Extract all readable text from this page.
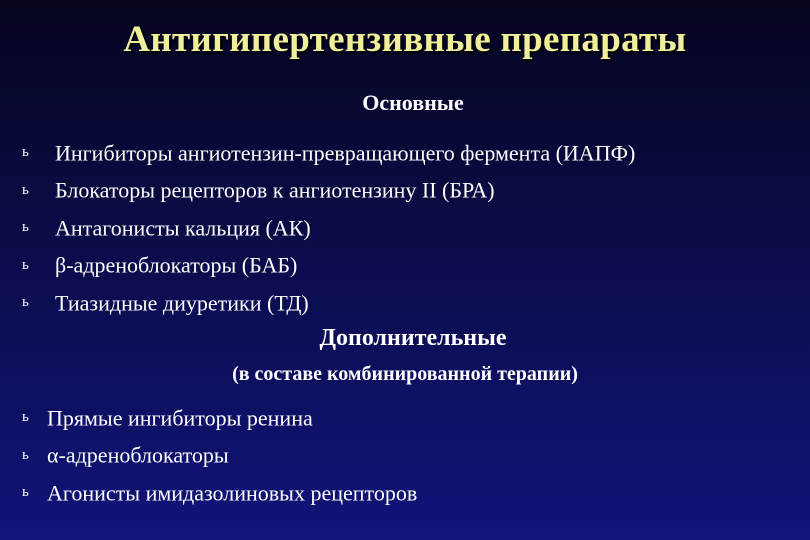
Антигипертензивные препараты
Основные
ь Ингибиторы ангиотензин-превращающего фермента (ИАПФ)
ь Блокаторы рецепторов к ангиотензину II (БРА)
ь Антагонисты кальция (АК)
ь β-адреноблокаторы (БАБ)
ь Тиазидные диуретики (ТД)
Дополнительные
(в составе комбинированной терапии)
ь Прямые ингибиторы ренина
ь α-адреноблокаторы
ь Агонисты имидазолиновых рецепторов
